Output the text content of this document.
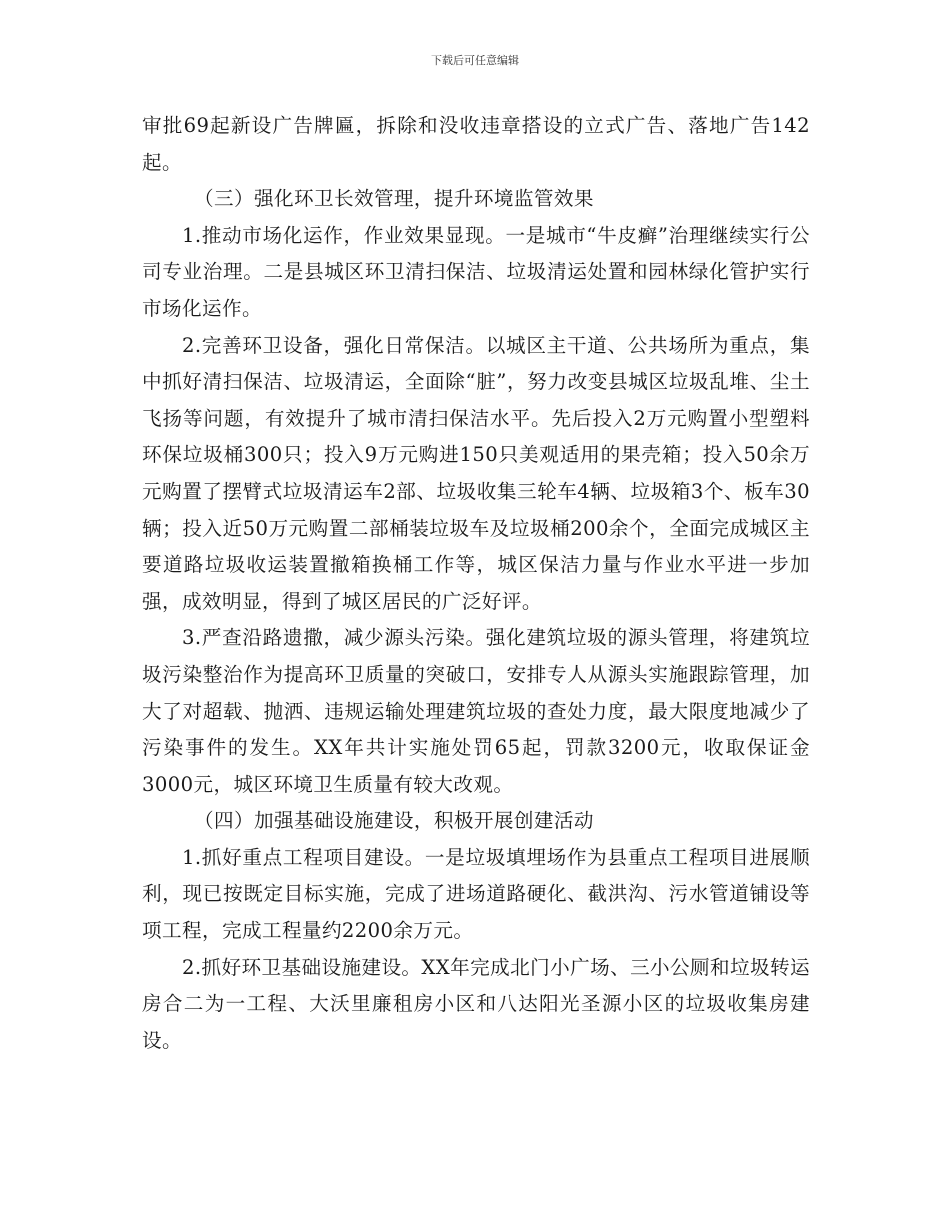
下载后可任意编辑

审批69起新设广告牌匾，拆除和没收违章搭设的立式广告、落地广告142起。

（三）强化环卫长效管理，提升环境监管效果

1.推动市场化运作，作业效果显现。一是城市“牛皮癣”治理继续实行公司专业治理。二是县城区环卫清扫保洁、垃圾清运处置和园林绿化管护实行市场化运作。

2.完善环卫设备，强化日常保洁。以城区主干道、公共场所为重点，集中抓好清扫保洁、垃圾清运，全面除“脏”，努力改变县城区垃圾乱堆、尘土飞扬等问题，有效提升了城市清扫保洁水平。先后投入2万元购置小型塑料环保垃圾桶300只；投入9万元购进150只美观适用的果壳箱；投入50余万元购置了摆臂式垃圾清运车2部、垃圾收集三轮车4辆、垃圾箱3个、板车30辆；投入近50万元购置二部桶装垃圾车及垃圾桶200余个，全面完成城区主要道路垃圾收运装置撤箱换桶工作等，城区保洁力量与作业水平进一步加强，成效明显，得到了城区居民的广泛好评。

3.严查沿路遗撒，减少源头污染。强化建筑垃圾的源头管理，将建筑垃圾污染整治作为提高环卫质量的突破口，安排专人从源头实施跟踪管理，加大了对超载、抛洒、违规运输处理建筑垃圾的查处力度，最大限度地减少了污染事件的发生。XX年共计实施处罚65起，罚款3200元，收取保证金3000元，城区环境卫生质量有较大改观。

（四）加强基础设施建设，积极开展创建活动

1.抓好重点工程项目建设。一是垃圾填埋场作为县重点工程项目进展顺利，现已按既定目标实施，完成了进场道路硬化、截洪沟、污水管道铺设等项工程，完成工程量约2200余万元。

2.抓好环卫基础设施建设。XX年完成北门小广场、三小公厕和垃圾转运房合二为一工程、大沃里廉租房小区和八达阳光圣源小区的垃圾收集房建设。
